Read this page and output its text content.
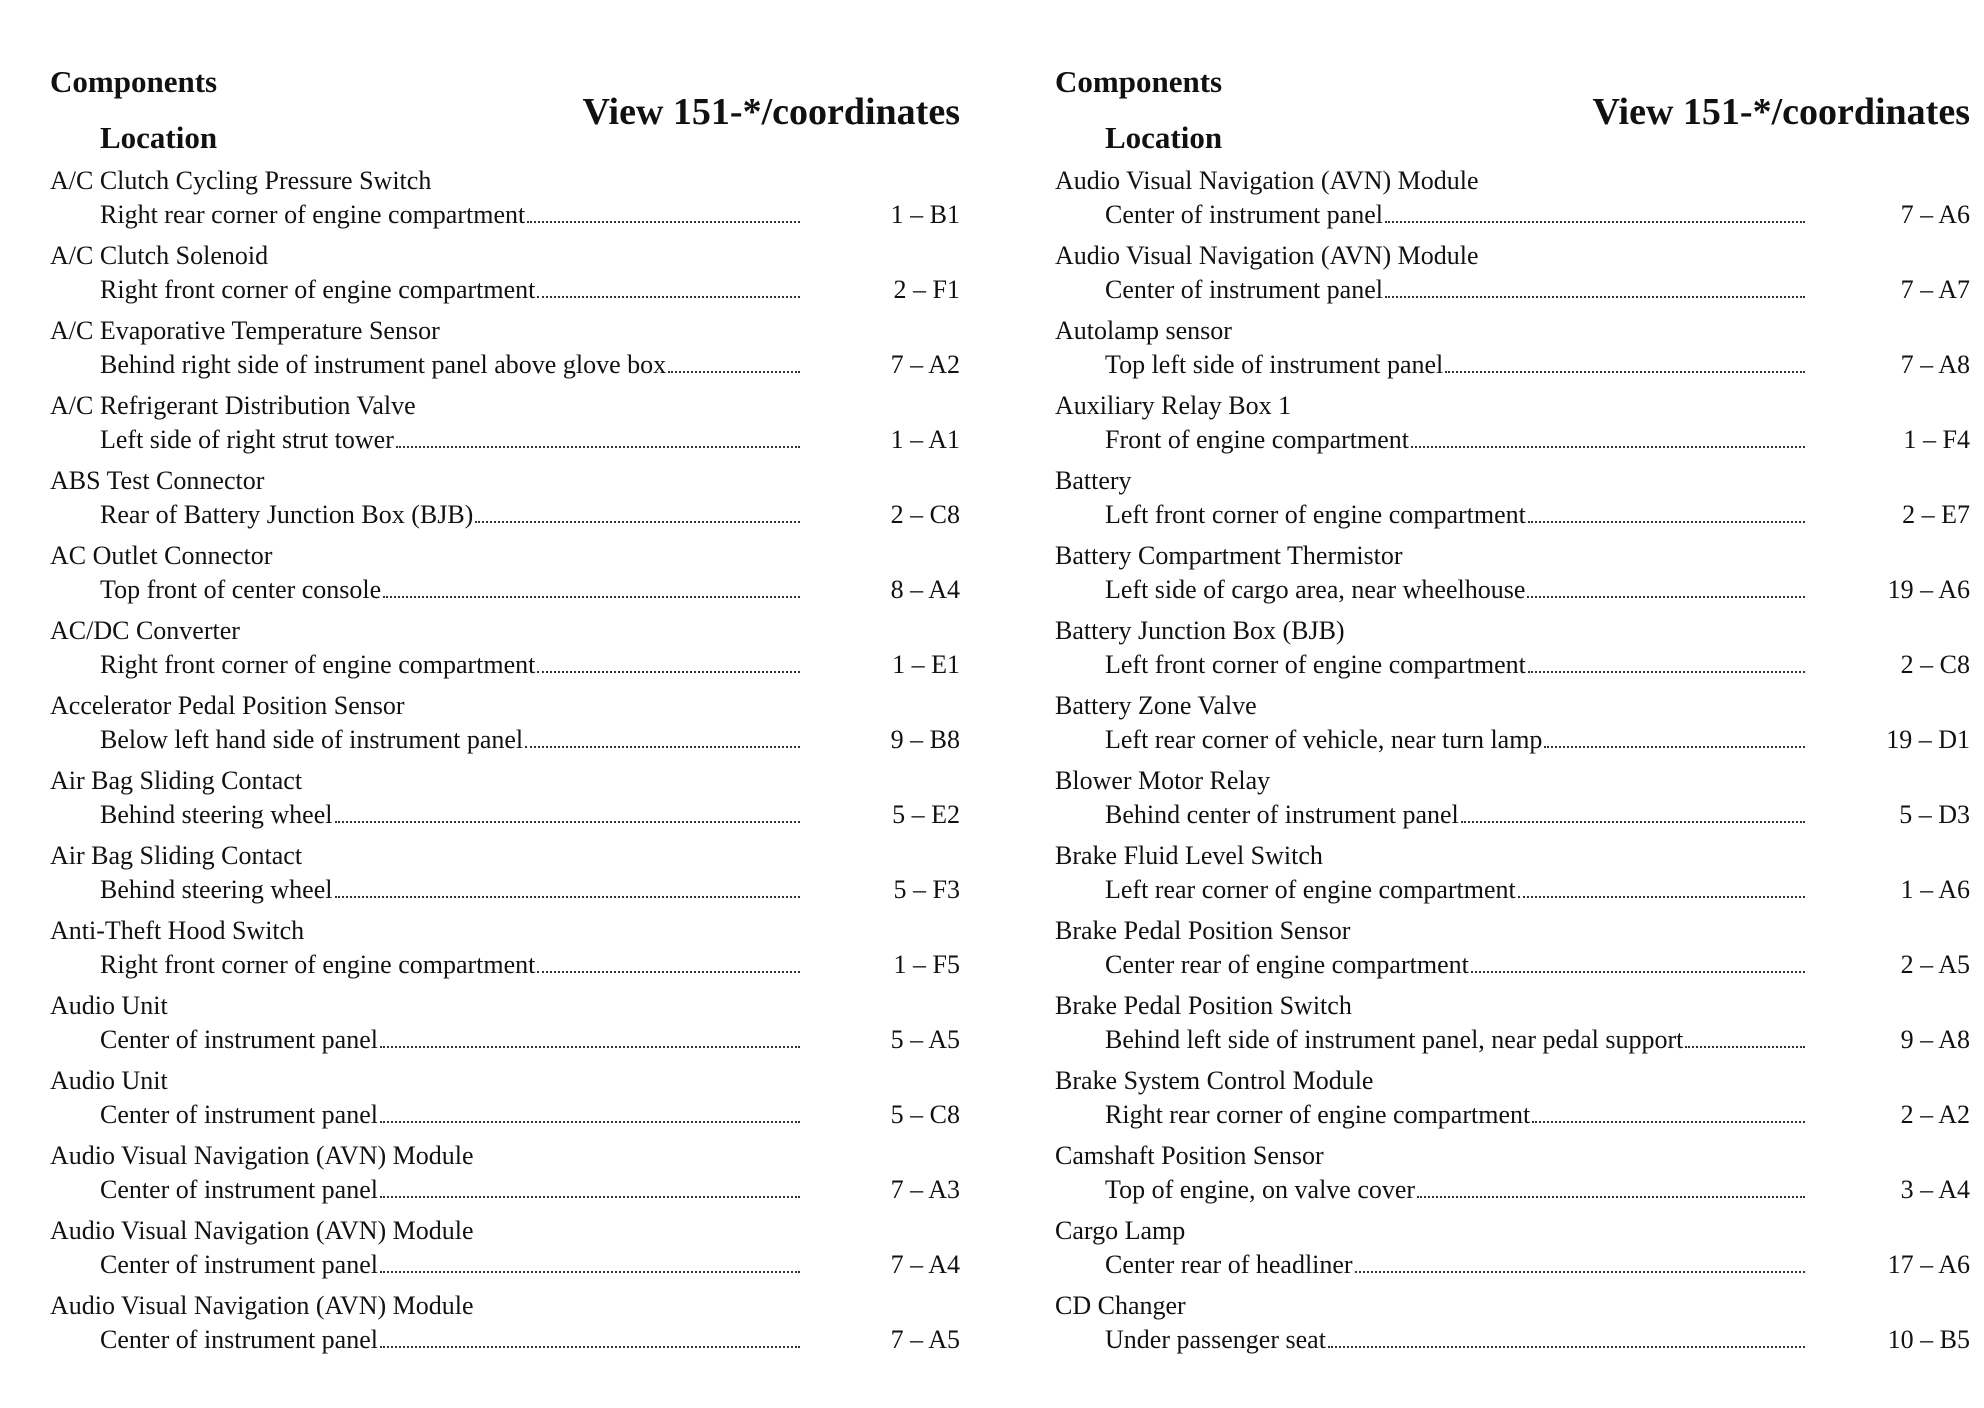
Components
Location
View 151-*/coordinates
A/C Clutch Cycling Pressure Switch
Right rear corner of engine compartment	1 – B1
A/C Clutch Solenoid
Right front corner of engine compartment	2 – F1
A/C Evaporative Temperature Sensor
Behind right side of instrument panel above glove box	7 – A2
A/C Refrigerant Distribution Valve
Left side of right strut tower	1 – A1
ABS Test Connector
Rear of Battery Junction Box (BJB)	2 – C8
AC Outlet Connector
Top front of center console	8 – A4
AC/DC Converter
Right front corner of engine compartment	1 – E1
Accelerator Pedal Position Sensor
Below left hand side of instrument panel	9 – B8
Air Bag Sliding Contact
Behind steering wheel	5 – E2
Air Bag Sliding Contact
Behind steering wheel	5 – F3
Anti-Theft Hood Switch
Right front corner of engine compartment	1 – F5
Audio Unit
Center of instrument panel	5 – A5
Audio Unit
Center of instrument panel	5 – C8
Audio Visual Navigation (AVN) Module
Center of instrument panel	7 – A3
Audio Visual Navigation (AVN) Module
Center of instrument panel	7 – A4
Audio Visual Navigation (AVN) Module
Center of instrument panel	7 – A5
Components
Location
View 151-*/coordinates
Audio Visual Navigation (AVN) Module
Center of instrument panel	7 – A6
Audio Visual Navigation (AVN) Module
Center of instrument panel	7 – A7
Autolamp sensor
Top left side of instrument panel	7 – A8
Auxiliary Relay Box 1
Front of engine compartment	1 – F4
Battery
Left front corner of engine compartment	2 – E7
Battery Compartment Thermistor
Left side of cargo area, near wheelhouse	19 – A6
Battery Junction Box (BJB)
Left front corner of engine compartment	2 – C8
Battery Zone Valve
Left rear corner of vehicle, near turn lamp	19 – D1
Blower Motor Relay
Behind center of instrument panel	5 – D3
Brake Fluid Level Switch
Left rear corner of engine compartment	1 – A6
Brake Pedal Position Sensor
Center rear of engine compartment	2 – A5
Brake Pedal Position Switch
Behind left side of instrument panel, near pedal support	9 – A8
Brake System Control Module
Right rear corner of engine compartment	2 – A2
Camshaft Position Sensor
Top of engine, on valve cover	3 – A4
Cargo Lamp
Center rear of headliner	17 – A6
CD Changer
Under passenger seat	10 – B5
